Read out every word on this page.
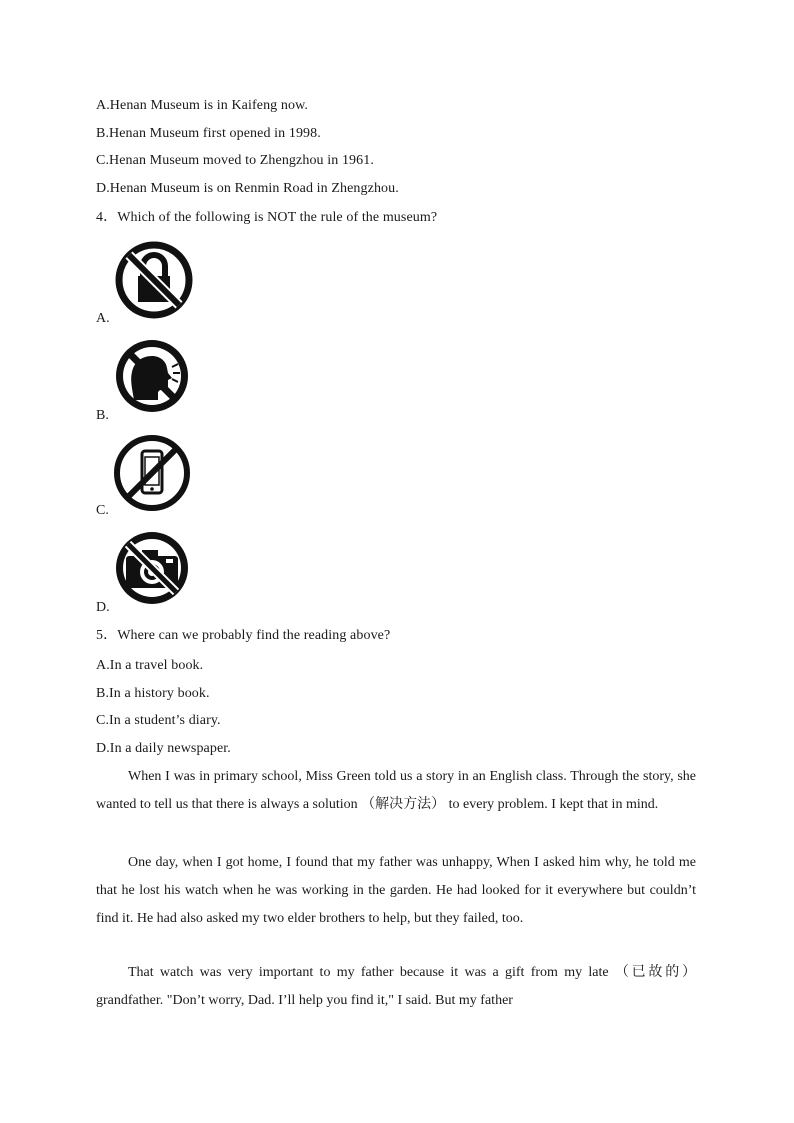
A.Henan Museum is in Kaifeng now.
B.Henan Museum first opened in 1998.
C.Henan Museum moved to Zhengzhou in 1961.
D.Henan Museum is on Renmin Road in Zhengzhou.
4．Which of the following is NOT the rule of the museum?
A.
B.
C.
D.
5．Where can we probably find the reading above?
A.In a travel book.
B.In a history book.
C.In a student’s diary.
D.In a daily newspaper.
When I was in primary school, Miss Green told us a story in an English class. Through the story, she wanted to tell us that there is always a solution （解决方法） to every problem. I kept that in mind.
One day, when I got home, I found that my father was unhappy, When I asked him why, he told me that he lost his watch when he was working in the garden. He had looked for it everywhere but couldn’t find it. He had also asked my two elder brothers to help, but they failed, too.
That watch was very important to my father because it was a gift from my late （已故的） grandfather. "Don’t worry, Dad. I’ll help you find it," I said. But my father
